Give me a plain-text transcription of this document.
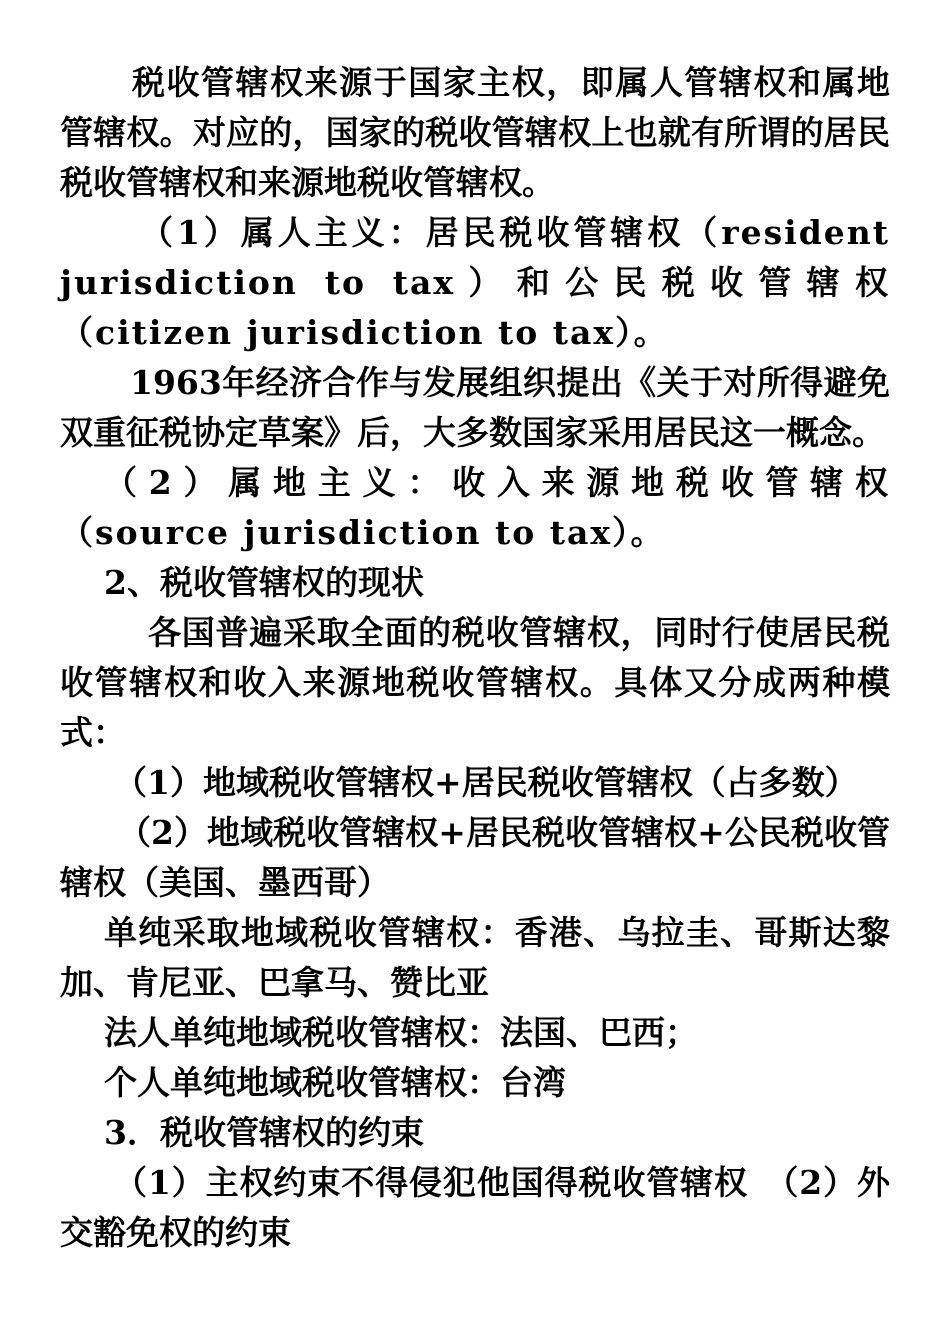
税收管辖权来源于国家主权，即属人管辖权和属地管辖权。对应的，国家的税收管辖权上也就有所谓的居民税收管辖权和来源地税收管辖权。

（1）属人主义：居民税收管辖权（resident jurisdiction to tax）和公民税收管辖权（citizen jurisdiction to tax）。

1963年经济合作与发展组织提出《关于对所得避免双重征税协定草案》后，大多数国家采用居民这一概念。

（2）属地主义：收入来源地税收管辖权（source jurisdiction to tax）。

2、税收管辖权的现状

各国普遍采取全面的税收管辖权，同时行使居民税收管辖权和收入来源地税收管辖权。具体又分成两种模式：

（1）地域税收管辖权+居民税收管辖权（占多数）

（2）地域税收管辖权+居民税收管辖权+公民税收管辖权（美国、墨西哥）

单纯采取地域税收管辖权：香港、乌拉圭、哥斯达黎加、肯尼亚、巴拿马、赞比亚

法人单纯地域税收管辖权：法国、巴西；

个人单纯地域税收管辖权：台湾

3．税收管辖权的约束

（1）主权约束不得侵犯他国得税收管辖权　（2）外交豁免权的约束
